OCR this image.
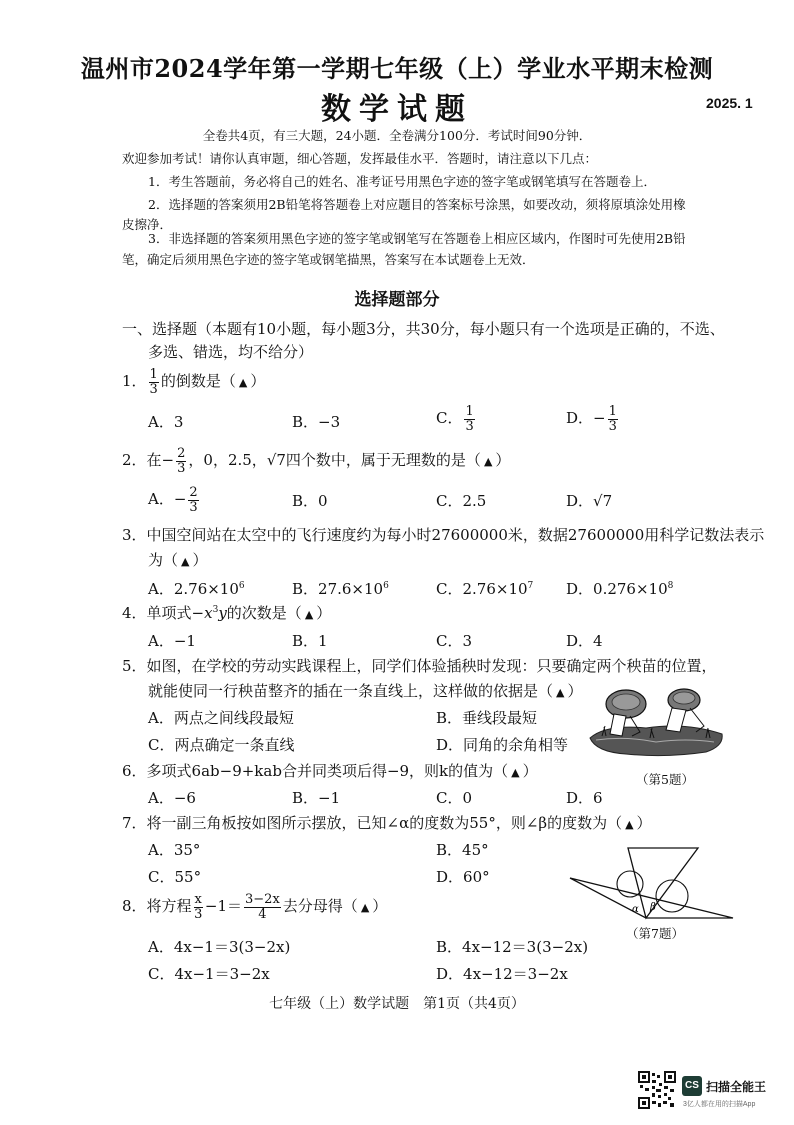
温州市2024学年第一学期七年级（上）学业水平期末检测
数学试题	2025. 1
全卷共4页，有三大题，24小题．全卷满分100分．考试时间90分钟．
欢迎参加考试！请你认真审题，细心答题，发挥最佳水平．答题时，请注意以下几点：
1．考生答题前，务必将自己的姓名、准考证号用黑色字迹的签字笔或钢笔填写在答题卷上．
2．选择题的答案须用2B铅笔将答题卷上对应题目的答案标号涂黑，如要改动，须将原填涂处用橡
皮擦净．
3．非选择题的答案须用黑色字迹的签字笔或钢笔写在答题卷上相应区域内，作图时可先使用2B铅
笔，确定后须用黑色字迹的签字笔或钢笔描黑，答案写在本试题卷上无效．
选择题部分
一、选择题（本题有10小题，每小题3分，共30分，每小题只有一个选项是正确的，不选、
多选、错选，均不给分）
1． $\frac{1}{3}$ 的倒数是（ ▲ ）
A．3	B．−3	C． $\frac{1}{3}$	D．− $\frac{1}{3}$
2．在− $\frac{2}{3}$ ，0，2.5，√7四个数中，属于无理数的是（ ▲ ）
A．− $\frac{2}{3}$	B．0	C．2.5	D．√7
3．中国空间站在太空中的飞行速度约为每小时27600000米，数据27600000用科学记数法表示
为（ ▲ ）
A．$2.76\times 10^6$	B．$27.6\times 10^6$	C．$2.76\times 10^7$ D．$0.276\times 10^8$
4．单项式$-x^3y$的次数是（ ▲ ）
A．−1	B．1	C．3	D．4
5．如图，在学校的劳动实践课程上，同学们体验插秧时发现：只要确定两个秧苗的位置，
就能使同一行秧苗整齐的插在一条直线上，这样做的依据是（ ▲ ）
A．两点之间线段最短	B．垂线段最短
C．两点确定一条直线	D．同角的余角相等
（第5题）
6．多项式6ab−9+kab合并同类项后得−9，则k的值为（ ▲ ）
A．−6	B．−1	C．0	D．6
7．将一副三角板按如图所示摆放，已知∠α的度数为55°，则∠β的度数为（ ▲ ）
A．35°	B．45°
C．55°	D．60°
α β
（第7题）
8．将方程 $\frac{x}{3} -1= \frac{3-2x}{4}$ 去分母得（ ▲ ）
A．4x−1＝3(3−2x)	B．4x−12＝3(3−2x)
C．4x−1＝3−2x	D．4x−12＝3−2x
七年级（上）数学试题　第1页（共4页）
CS 扫描全能王
3亿人都在用的扫描App
